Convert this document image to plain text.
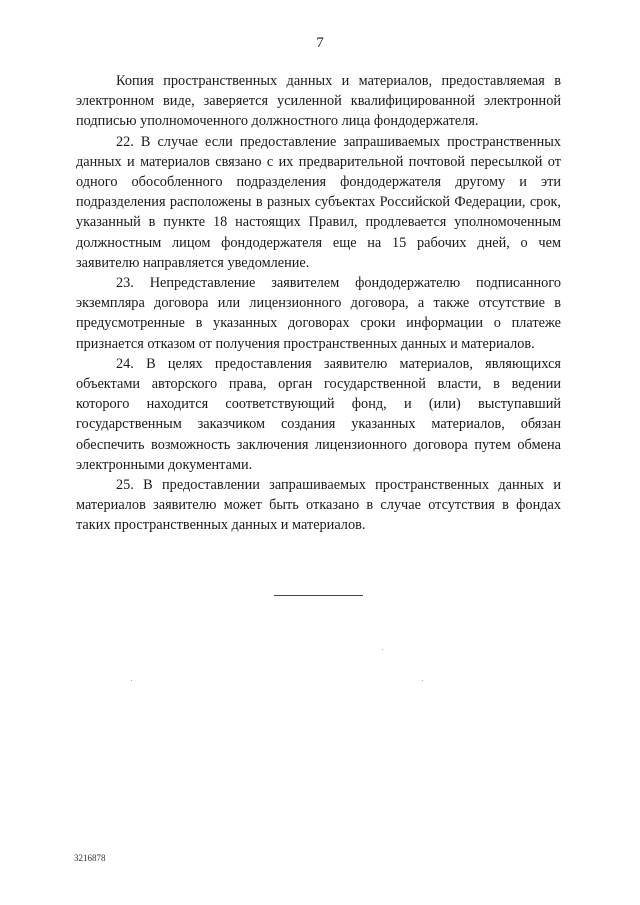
7

Копия пространственных данных и материалов, предоставляемая в электронном виде, заверяется усиленной квалифицированной электронной подписью уполномоченного должностного лица фондодержателя.

22. В случае если предоставление запрашиваемых пространственных данных и материалов связано с их предварительной почтовой пересылкой от одного обособленного подразделения фондодержателя другому и эти подразделения расположены в разных субъектах Российской Федерации, срок, указанный в пункте 18 настоящих Правил, продлевается уполномоченным должностным лицом фондодержателя еще на 15 рабочих дней, о чем заявителю направляется уведомление.

23. Непредставление заявителем фондодержателю подписанного экземпляра договора или лицензионного договора, а также отсутствие в предусмотренные в указанных договорах сроки информации о платеже признается отказом от получения пространственных данных и материалов.

24. В целях предоставления заявителю материалов, являющихся объектами авторского права, орган государственной власти, в ведении которого находится соответствующий фонд, и (или) выступавший государственным заказчиком создания указанных материалов, обязан обеспечить возможность заключения лицензионного договора путем обмена электронными документами.

25. В предоставлении запрашиваемых пространственных данных и материалов заявителю может быть отказано в случае отсутствия в фондах таких пространственных данных и материалов.

3216878
